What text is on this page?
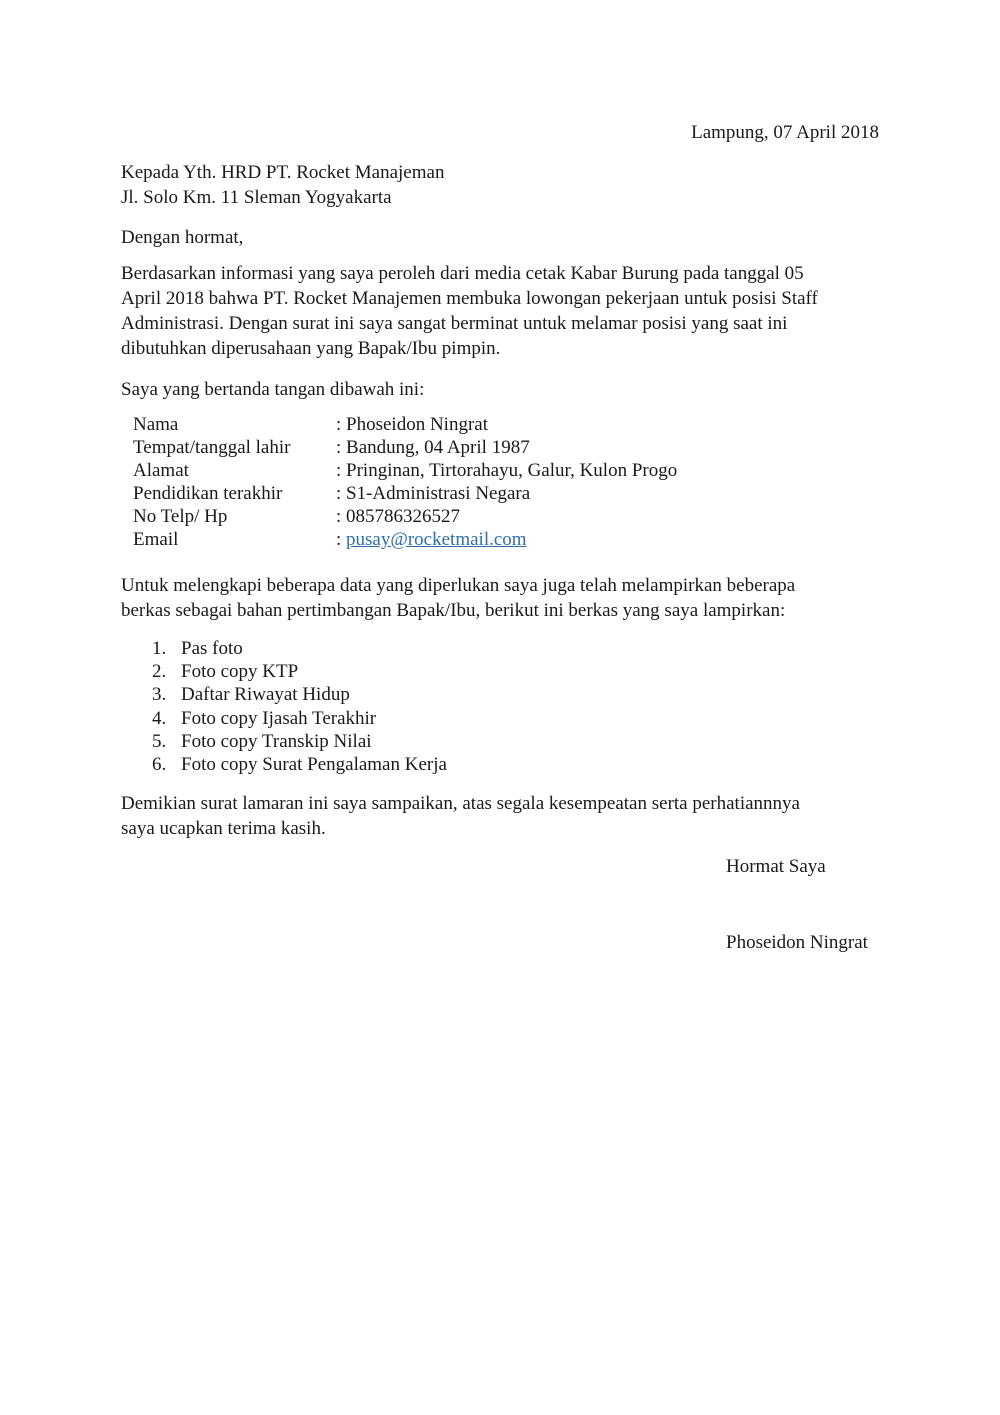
Lampung, 07 April 2018
Kepada Yth. HRD PT. Rocket Manajeman
Jl. Solo Km. 11 Sleman Yogyakarta
Dengan hormat,

Berdasarkan informasi yang saya peroleh dari media cetak Kabar Burung pada tanggal 05
April 2018 bahwa PT. Rocket Manajemen membuka lowongan pekerjaan untuk posisi Staff
Administrasi. Dengan surat ini saya sangat berminat untuk melamar posisi yang saat ini
dibutuhkan diperusahaan yang Bapak/Ibu pimpin.

Saya yang bertanda tangan dibawah ini:

Nama	: Phoseidon Ningrat
Tempat/tanggal lahir	: Bandung, 04 April 1987
Alamat	: Pringinan, Tirtorahayu, Galur, Kulon Progo
Pendidikan terakhir	: S1-Administrasi Negara
No Telp/ Hp	: 085786326527
Email	: pusay@rocketmail.com

Untuk melengkapi beberapa data yang diperlukan saya juga telah melampirkan beberapa
berkas sebagai bahan pertimbangan Bapak/Ibu, berikut ini berkas yang saya lampirkan:

1. Pas foto
2. Foto copy KTP
3. Daftar Riwayat Hidup
4. Foto copy Ijasah Terakhir
5. Foto copy Transkip Nilai
6. Foto copy Surat Pengalaman Kerja

Demikian surat lamaran ini saya sampaikan, atas segala kesempeatan serta perhatiannnya
saya ucapkan terima kasih.

Hormat Saya
Phoseidon Ningrat
